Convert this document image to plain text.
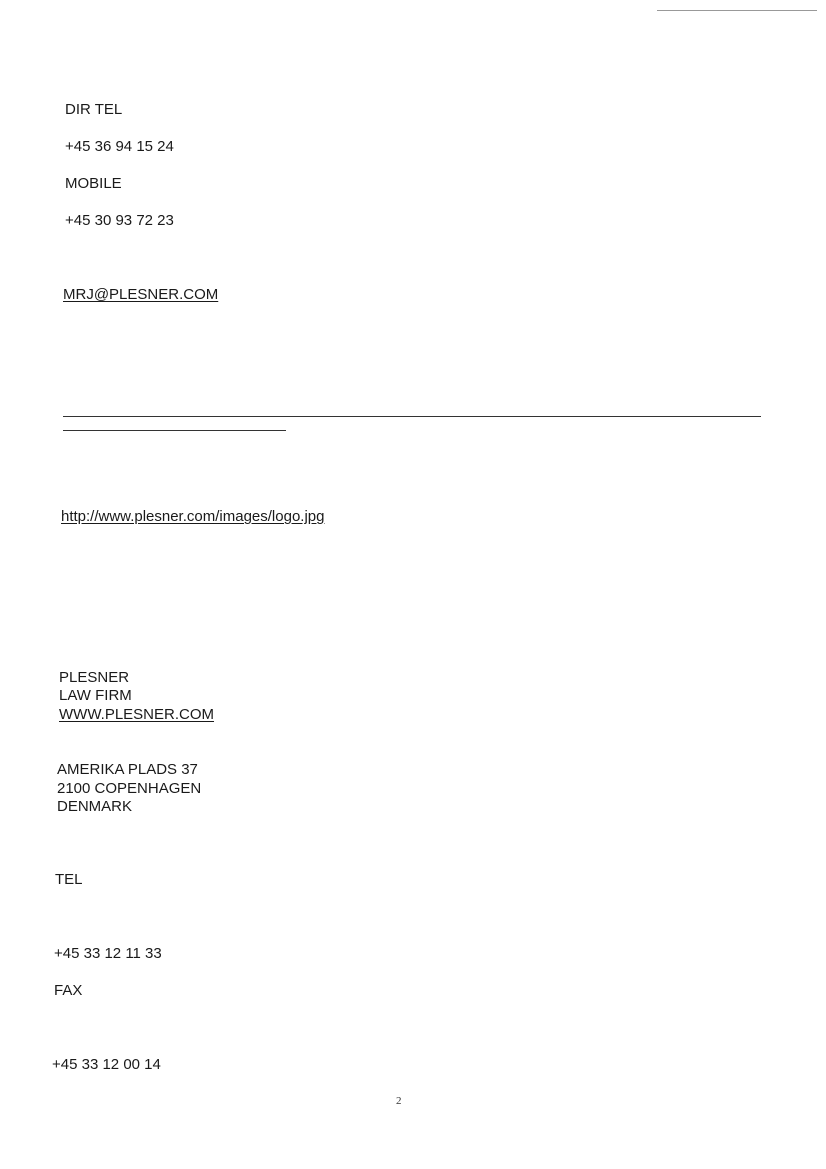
DIR TEL
+45 36 94 15 24
MOBILE
+45 30 93 72 23
MRJ@PLESNER.COM
http://www.plesner.com/images/logo.jpg
PLESNER
LAW FIRM
WWW.PLESNER.COM
AMERIKA PLADS 37
2100 COPENHAGEN
DENMARK
TEL
+45 33 12 11 33
FAX
+45 33 12 00 14
2
